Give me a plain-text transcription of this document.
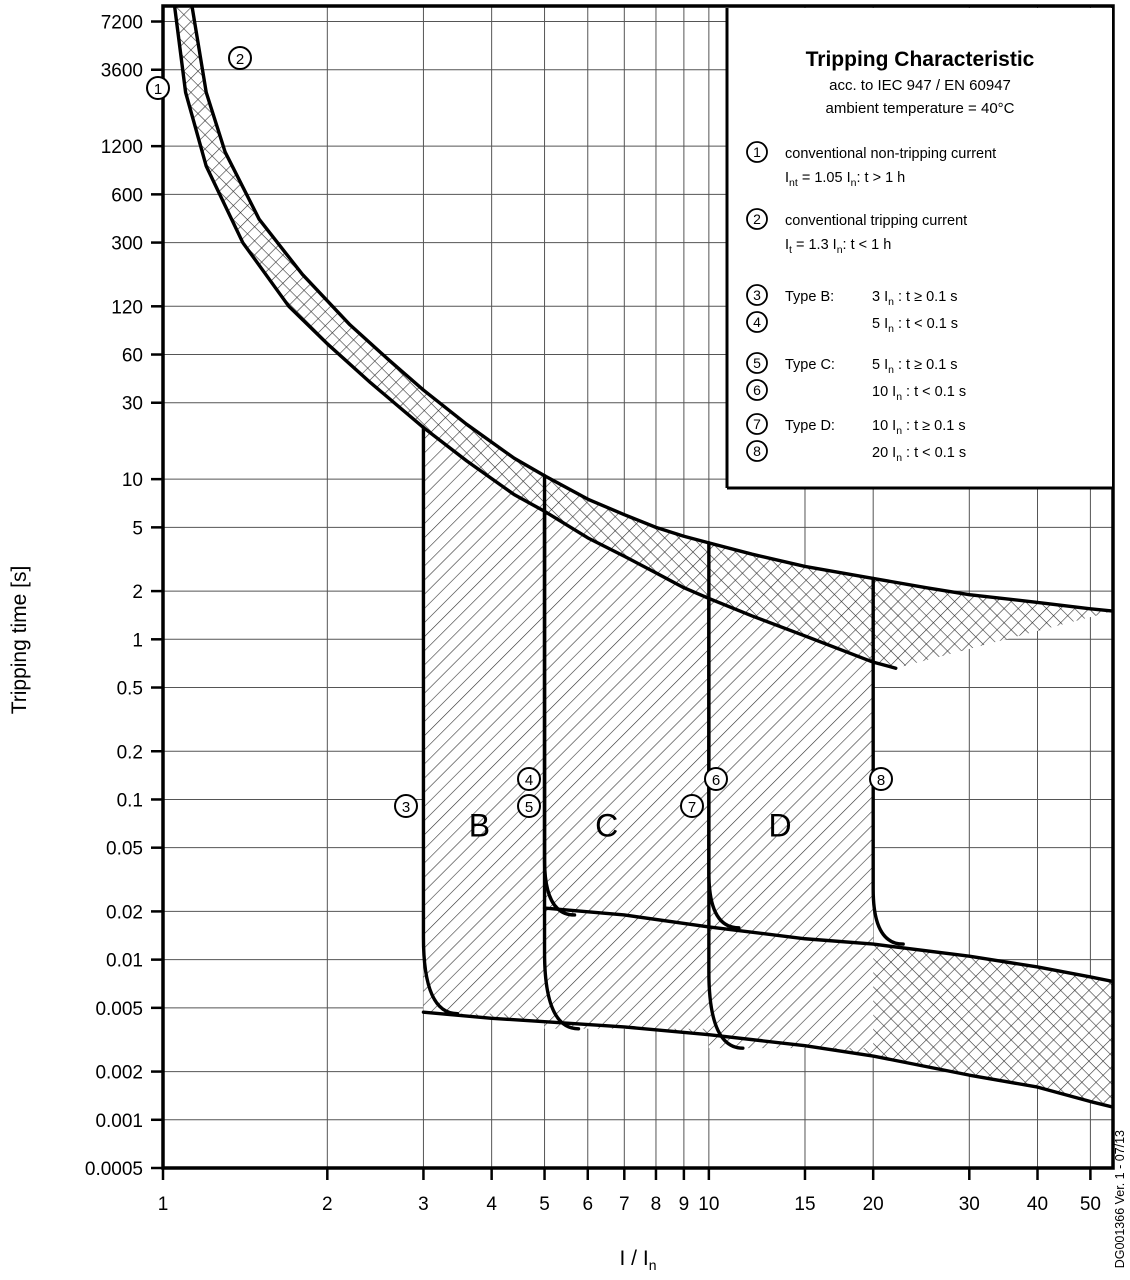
7200
3600
1200
600
300
120
60
30
10
5
2
1
0.5
0.2
0.1
0.05
0.02
0.01
0.005
0.002
0.001
0.0005
1	2	3	4 5 6 7 8 9 10	15 20	30 40 50
Tripping time [s]
I / $I_n$
B	C	D
1
2
3
4
5
6
7
8
Tripping Characteristic
acc. to IEC 947 / EN 60947
ambient temperature = 40°C
1 conventional non-tripping current
$I_{nt} = 1.05$ $I_n$: t > 1 h
2 conventional tripping current
$I_t = 1.3$ $I_n$: t < 1 h
3
4
Type B:	3 $I_n$ : t ≥ 0.1 s
5 $I_n$ : t < 0.1 s
5
6
Type C:	5 $I_n$ : t ≥ 0.1 s
10 $I_n$ : t < 0.1 s
7
8
Type D:	10 $I_n$ : t ≥ 0.1 s
20 $I_n$ : t < 0.1 s
DG001366 Ver. 1 - 07/13
